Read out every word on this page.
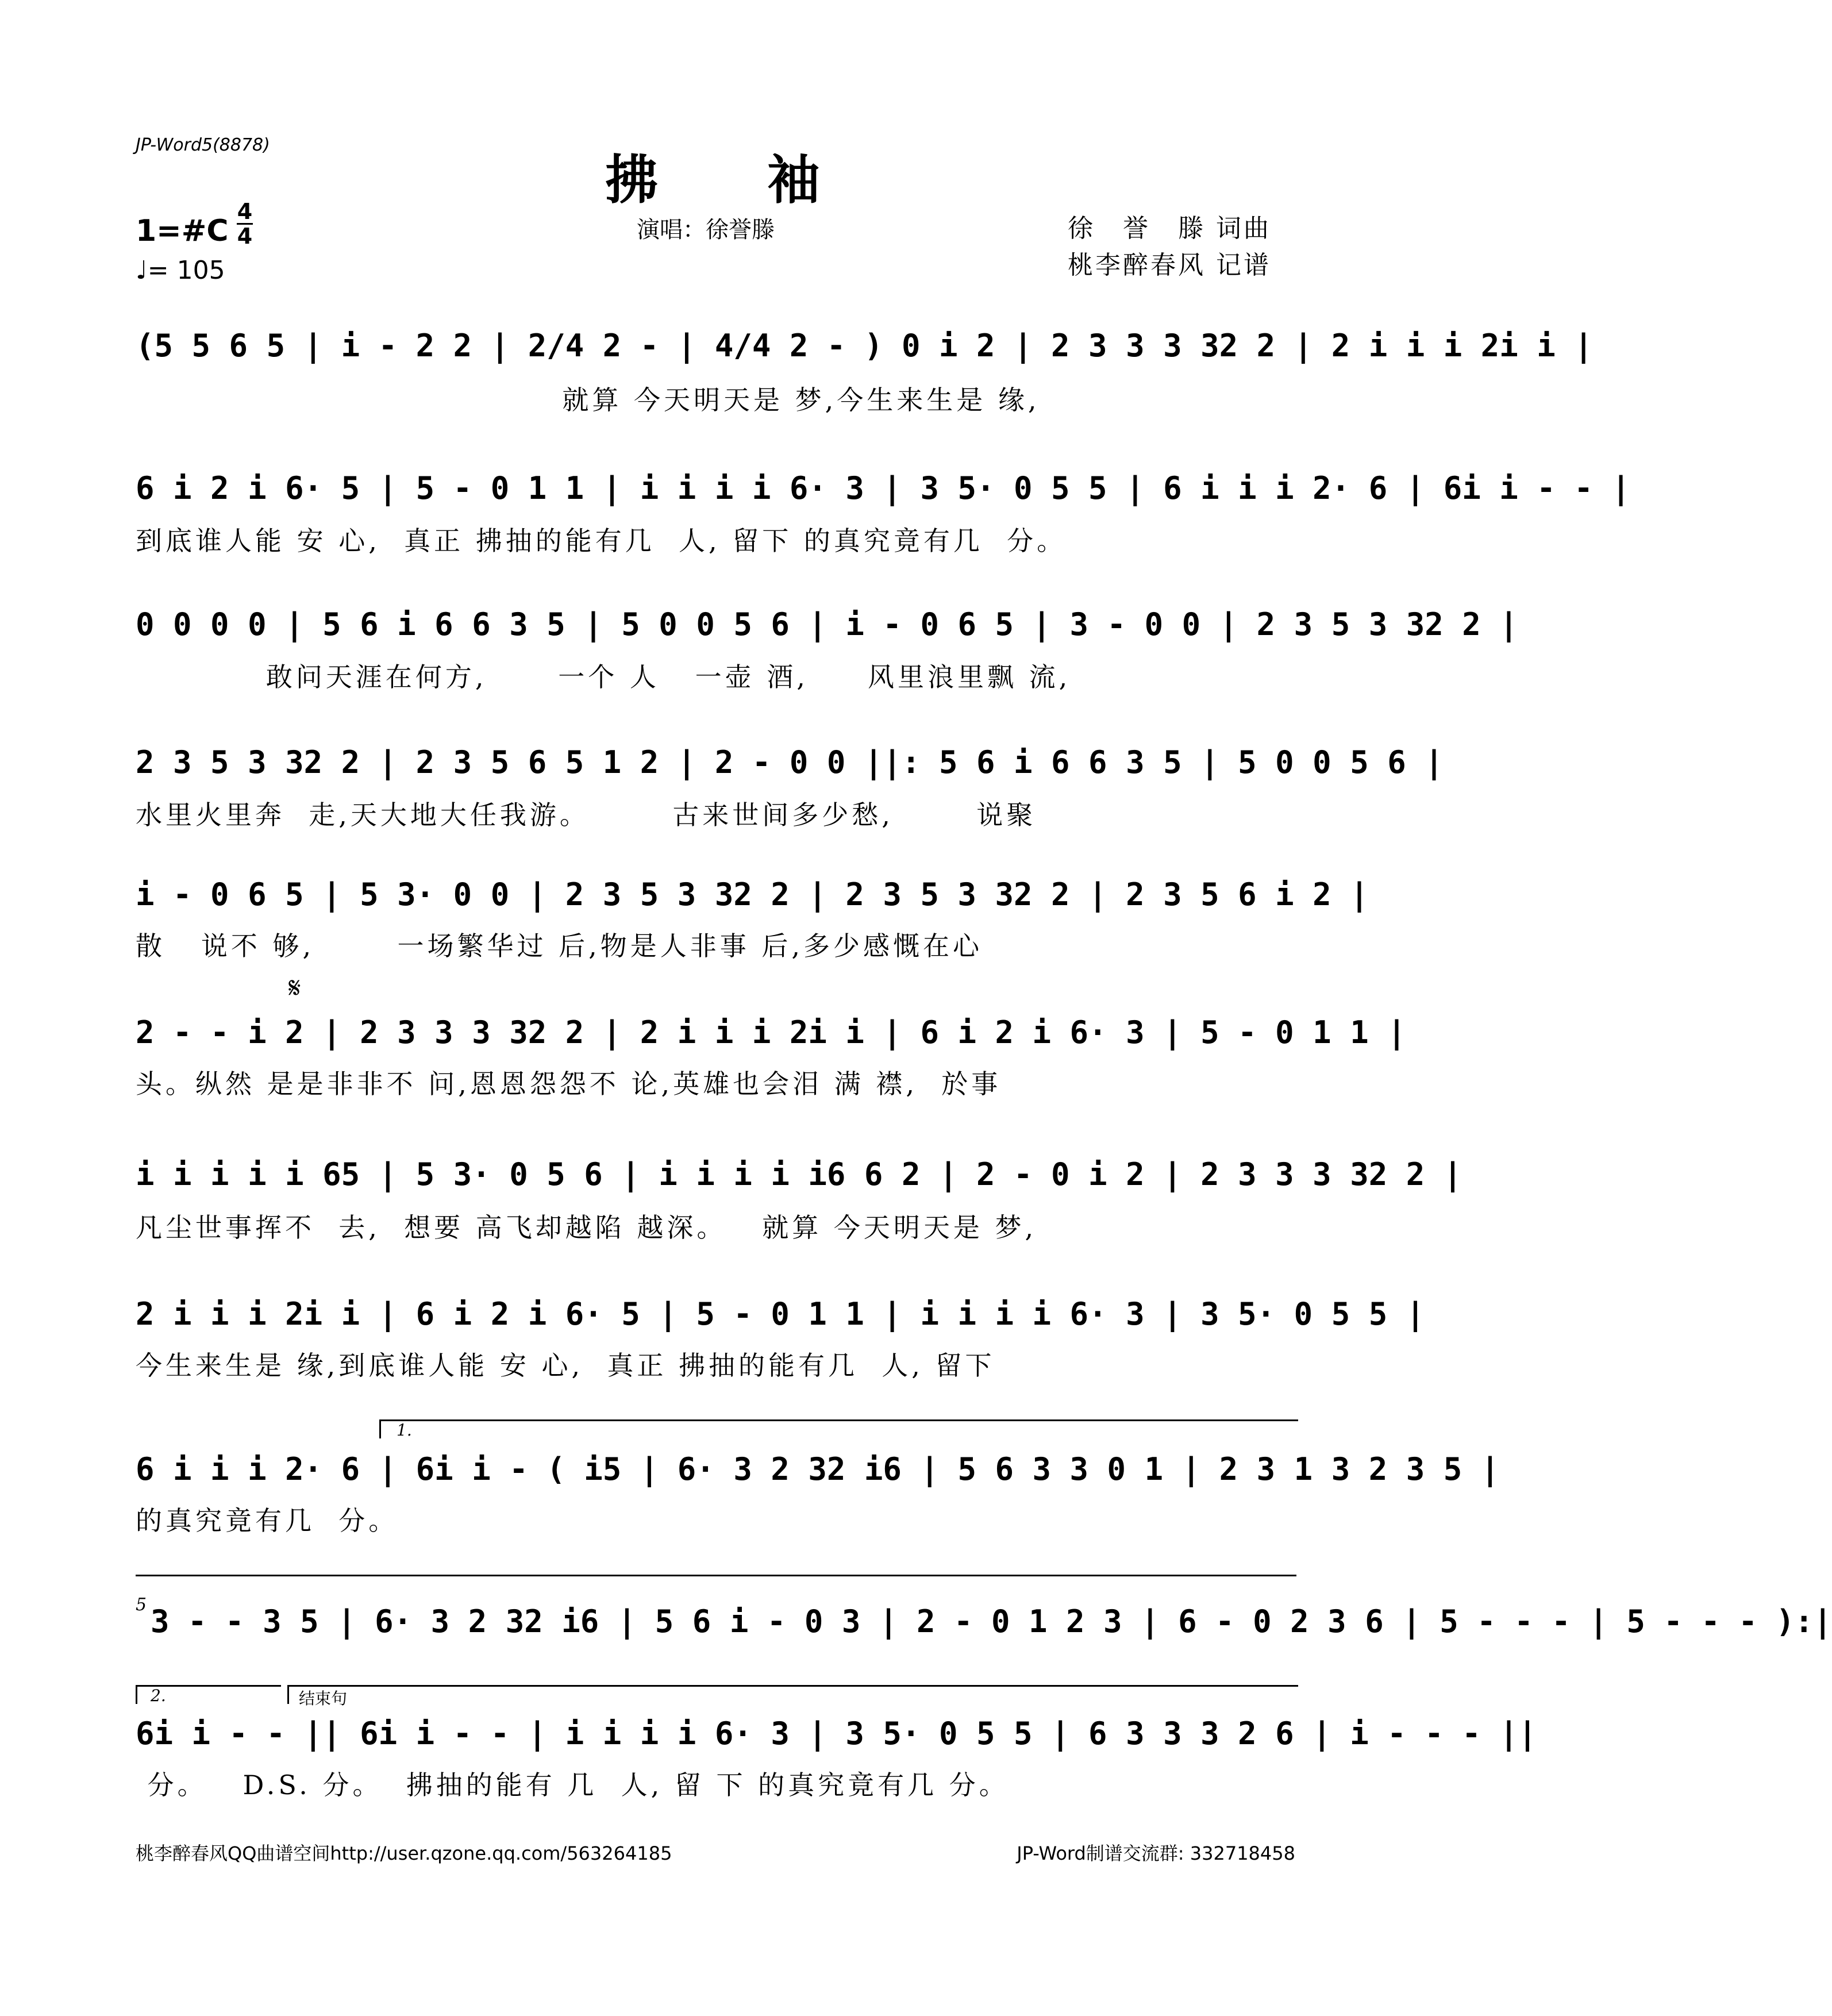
JP-Word5(8878)
拂袖
演唱：徐誉滕
1=#C
4
4
♩= 105
徐　誉　滕 词曲
桃李醉春风 记谱
(5 5 6 5 | i - 2 2 | 2/4 2 - | 4/4 2 - ) 0 i 2 | 2 3 3 3 32 2 | 2 i i i 2i i |
就算 今天明天是 梦,今生来生是 缘,
6 i 2 i 6· 5 | 5 - 0 1 1 | i i i i 6· 3 | 3 5· 0 5 5 | 6 i i i 2· 6 | 6i i - - |
到底谁人能 安 心,  真正 拂抽的能有几  人, 留下 的真究竟有几  分。
0 0 0 0 | 5 6 i 6 6 3 5 | 5 0 0 5 6 | i - 0 6 5 | 3 - 0 0 | 2 3 5 3 32 2 |
敢问天涯在何方,      一个 人   一壶 酒,     风里浪里飘 流,
2 3 5 3 32 2 | 2 3 5 6 5 1 2 | 2 - 0 0 ||: 5 6 i 6 6 3 5 | 5 0 0 5 6 |
水里火里奔  走,天大地大任我游。       古来世间多少愁,       说聚
i - 0 6 5 | 5 3· 0 0 | 2 3 5 3 32 2 | 2 3 5 3 32 2 | 2 3 5 6 i 2 |
散   说不 够,       一场繁华过 后,物是人非事 后,多少感慨在心
𝄋
2 - - i 2 | 2 3 3 3 32 2 | 2 i i i 2i i | 6 i 2 i 6· 3 | 5 - 0 1 1 |
头。纵然 是是非非不 问,恩恩怨怨不 论,英雄也会泪 满 襟,  於事
i i i i i 65 | 5 3· 0 5 6 | i i i i i6 6 2 | 2 - 0 i 2 | 2 3 3 3 32 2 |
凡尘世事挥不  去,  想要 高飞却越陷 越深。   就算 今天明天是 梦,
2 i i i 2i i | 6 i 2 i 6· 5 | 5 - 0 1 1 | i i i i 6· 3 | 3 5· 0 5 5 |
今生来生是 缘,到底谁人能 安 心,  真正 拂抽的能有几  人, 留下
1.
6 i i i 2· 6 | 6i i - ( i5 | 6· 3 2 32 i6 | 5 6 3 3 0 1 | 2 3 1 3 2 3 5 |
的真究竟有几  分。
5 3 - - 3 5 | 6· 3 2 32 i6 | 5 6 i - 0 3 | 2 - 0 1 2 3 | 6 - 0 2 3 6 | 5 - - - | 5 - - - ):|
2.	结束句
6i i - - || 6i i - - | i i i i 6· 3 | 3 5· 0 5 5 | 6 3 3 3 2 6 | i - - - ||
分。   D.S. 分。  拂抽的能有 几  人, 留 下 的真究竟有几 分。
桃李醉春风QQ曲谱空间http://user.qzone.qq.com/563264185	JP-Word制谱交流群: 332718458
